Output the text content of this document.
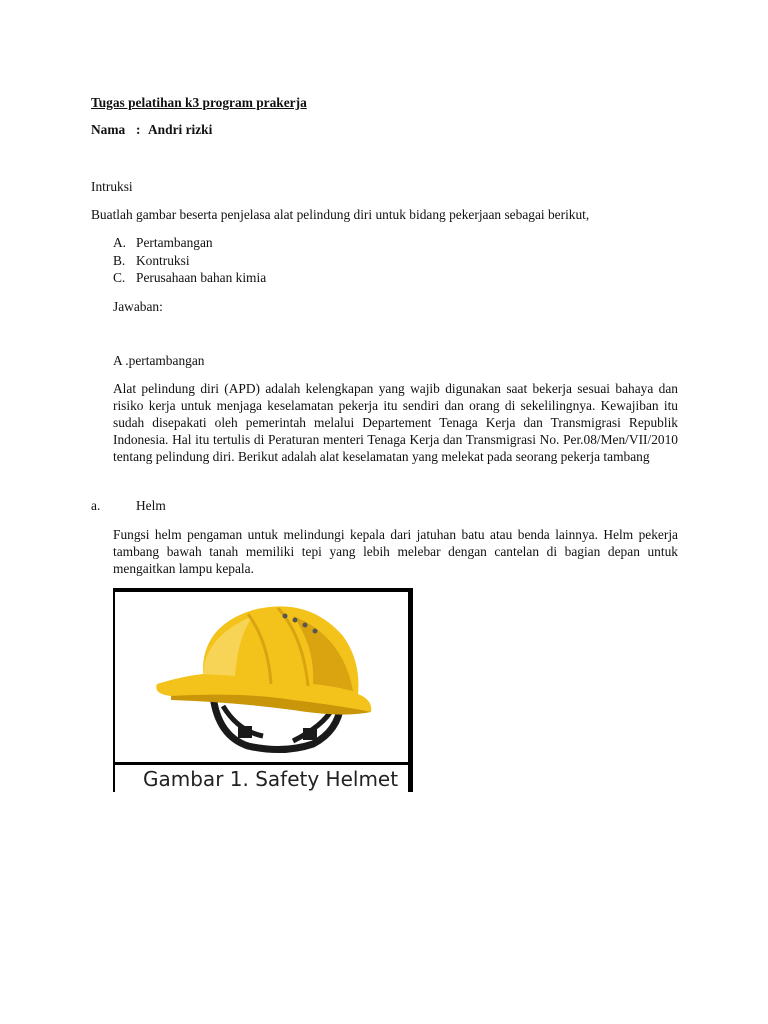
Tugas pelatihan k3 program prakerja
Nama : Andri rizki
Intruksi
Buatlah gambar beserta penjelasa alat pelindung diri untuk bidang pekerjaan sebagai berikut,
A. Pertambangan
B. Kontruksi
C. Perusahaan bahan kimia
Jawaban:
A .pertambangan
Alat pelindung diri (APD) adalah kelengkapan yang wajib digunakan saat bekerja sesuai bahaya dan risiko kerja untuk menjaga keselamatan pekerja itu sendiri dan orang di sekelilingnya. Kewajiban itu sudah disepakati oleh pemerintah melalui Departement Tenaga Kerja dan Transmigrasi Republik Indonesia. Hal itu tertulis di Peraturan menteri Tenaga Kerja dan Transmigrasi No. Per.08/Men/VII/2010 tentang pelindung diri. Berikut adalah alat keselamatan yang melekat pada seorang pekerja tambang
a.	Helm
Fungsi helm pengaman untuk melindungi kepala dari jatuhan batu atau benda lainnya. Helm pekerja tambang bawah tanah memiliki tepi yang lebih melebar dengan cantelan di bagian depan untuk mengaitkan lampu kepala.
Gambar 1. Safety Helmet
